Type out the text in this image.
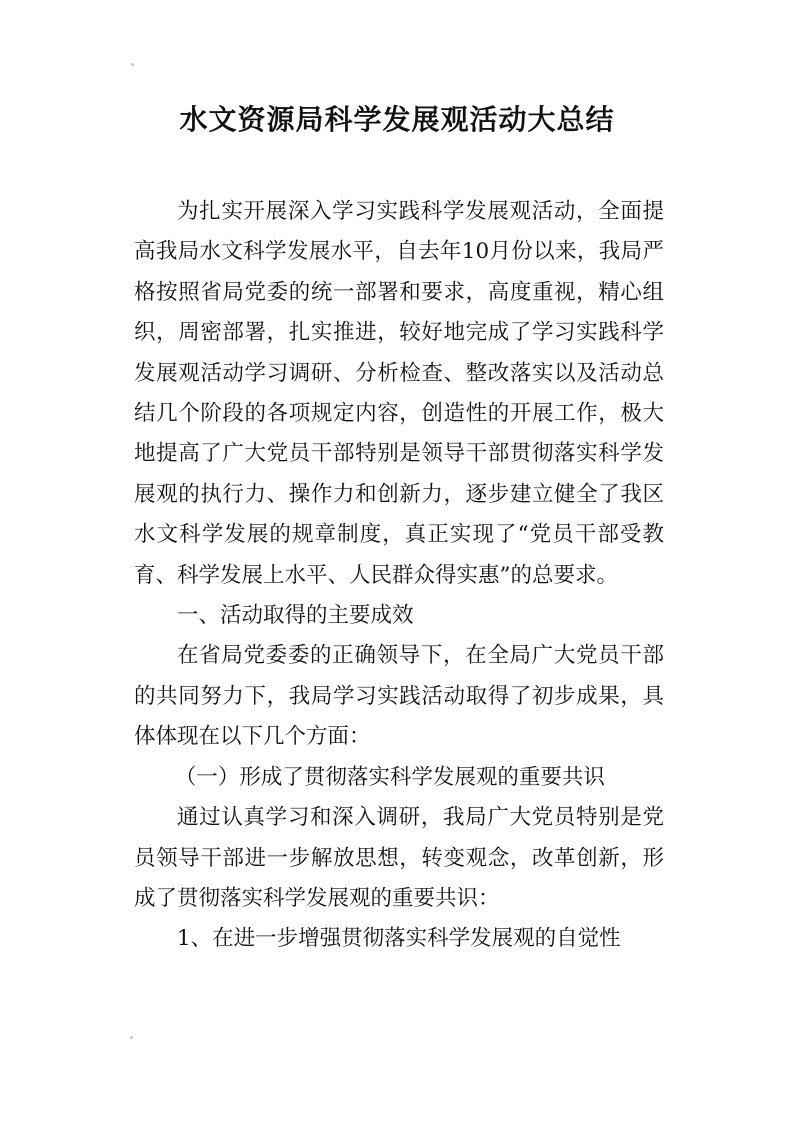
水文资源局科学发展观活动大总结

为扎实开展深入学习实践科学发展观活动，全面提高我局水文科学发展水平，自去年10月份以来，我局严格按照省局党委的统一部署和要求，高度重视，精心组织，周密部署，扎实推进，较好地完成了学习实践科学发展观活动学习调研、分析检查、整改落实以及活动总结几个阶段的各项规定内容，创造性的开展工作，极大地提高了广大党员干部特别是领导干部贯彻落实科学发展观的执行力、操作力和创新力，逐步建立健全了我区水文科学发展的规章制度，真正实现了“党员干部受教育、科学发展上水平、人民群众得实惠”的总要求。

一、活动取得的主要成效

在省局党委委的正确领导下，在全局广大党员干部的共同努力下，我局学习实践活动取得了初步成果，具体体现在以下几个方面：

（一）形成了贯彻落实科学发展观的重要共识

通过认真学习和深入调研，我局广大党员特别是党员领导干部进一步解放思想，转变观念，改革创新，形成了贯彻落实科学发展观的重要共识：

1、在进一步增强贯彻落实科学发展观的自觉性
